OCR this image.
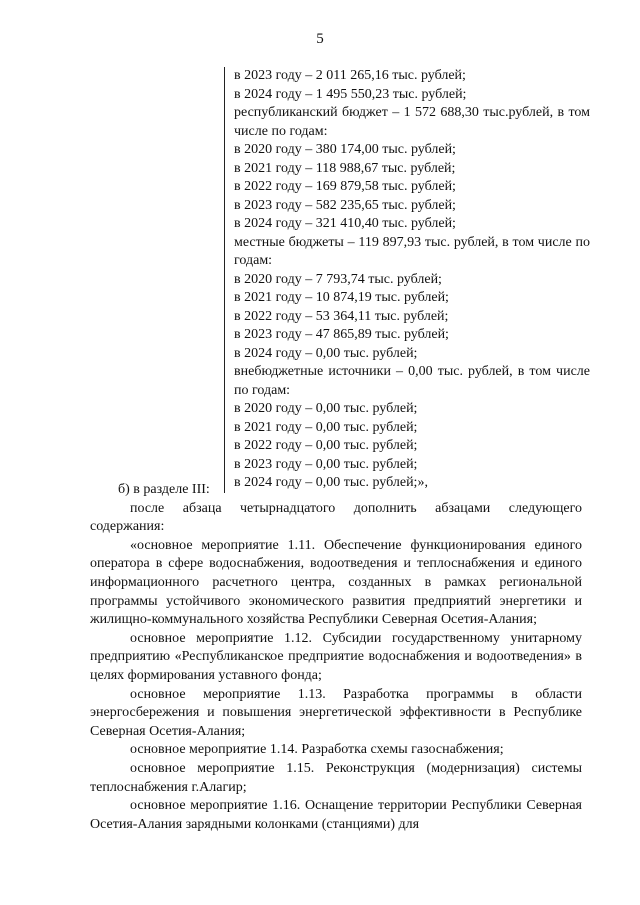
5
в 2023 году – 2 011 265,16 тыс. рублей;
в 2024 году – 1 495 550,23 тыс. рублей;
республиканский бюджет – 1 572 688,30 тыс.рублей, в том числе по годам:
в 2020 году – 380 174,00 тыс. рублей;
в 2021 году – 118 988,67 тыс. рублей;
в 2022 году – 169 879,58 тыс. рублей;
в 2023 году – 582 235,65 тыс. рублей;
в 2024 году – 321 410,40 тыс. рублей;
местные бюджеты – 119 897,93 тыс. рублей, в том числе по годам:
в 2020 году – 7 793,74 тыс. рублей;
в 2021 году – 10 874,19 тыс. рублей;
в 2022 году – 53 364,11 тыс. рублей;
в 2023 году – 47 865,89 тыс. рублей;
в 2024 году – 0,00 тыс. рублей;
внебюджетные источники – 0,00 тыс. рублей, в том числе по годам:
в 2020 году – 0,00 тыс. рублей;
в 2021 году – 0,00 тыс. рублей;
в 2022 году – 0,00 тыс. рублей;
в 2023 году – 0,00 тыс. рублей;
в 2024 году – 0,00 тыс. рублей;»,

б) в разделе III:

после абзаца четырнадцатого дополнить абзацами следующего содержания:

«основное мероприятие 1.11. Обеспечение функционирования единого оператора в сфере водоснабжения, водоотведения и теплоснабжения и единого информационного расчетного центра, созданных в рамках региональной программы устойчивого экономического развития предприятий энергетики и жилищно-коммунального хозяйства Республики Северная Осетия-Алания;

основное мероприятие 1.12. Субсидии государственному унитарному предприятию «Республиканское предприятие водоснабжения и водоотведения» в целях формирования уставного фонда;

основное мероприятие 1.13. Разработка программы в области энергосбережения и повышения энергетической эффективности в Республике Северная Осетия-Алания;

основное мероприятие 1.14. Разработка схемы газоснабжения;

основное мероприятие 1.15. Реконструкция (модернизация) системы теплоснабжения г.Алагир;

основное мероприятие 1.16. Оснащение территории Республики Северная Осетия-Алания зарядными колонками (станциями) для
